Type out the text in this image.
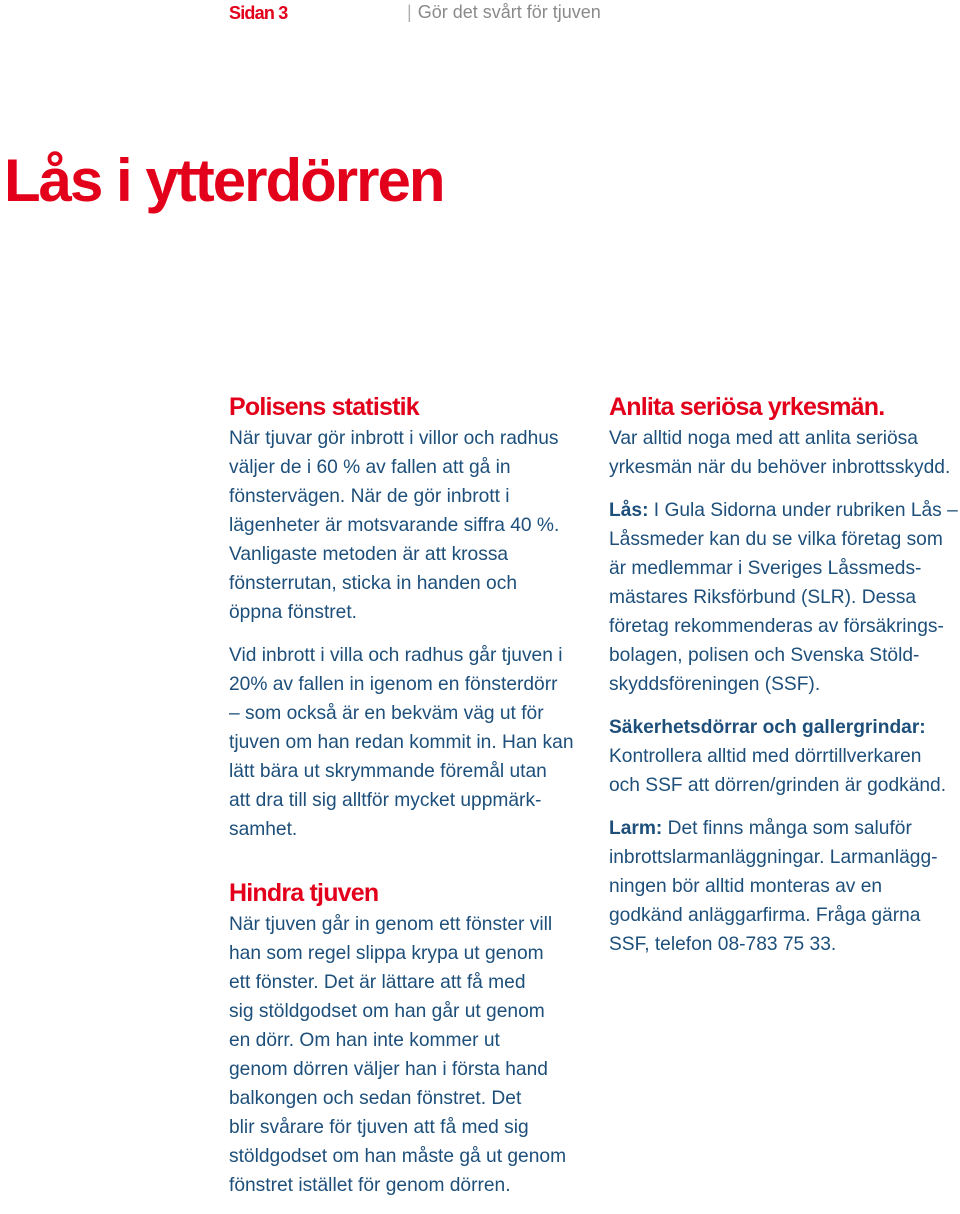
Sidan 3	| Gör det svårt för tjuven
Lås i ytterdörren
Polisens statistik

När tjuvar gör inbrott i villor och radhus
väljer de i 60 % av fallen att gå in
fönstervägen. När de gör inbrott i
lägenheter är motsvarande siffra 40 %.
Vanligaste metoden är att krossa
fönsterrutan, sticka in handen och
öppna fönstret.

Vid inbrott i villa och radhus går tjuven i
20% av fallen in igenom en fönsterdörr
– som också är en bekväm väg ut för
tjuven om han redan kommit in. Han kan
lätt bära ut skrymmande föremål utan
att dra till sig alltför mycket uppmärk-
samhet.

Hindra tjuven

När tjuven går in genom ett fönster vill
han som regel slippa krypa ut genom
ett fönster. Det är lättare att få med
sig stöldgodset om han går ut genom
en dörr. Om han inte kommer ut
genom dörren väljer han i första hand
balkongen och sedan fönstret. Det
blir svårare för tjuven att få med sig
stöldgodset om han måste gå ut genom
fönstret istället för genom dörren.

Anlita seriösa yrkesmän.

Var alltid noga med att anlita seriösa
yrkesmän när du behöver inbrottsskydd.

Lås: I Gula Sidorna under rubriken Lås –
Låssmeder kan du se vilka företag som
är medlemmar i Sveriges Låssmeds-
mästares Riksförbund (SLR). Dessa
företag rekommenderas av försäkrings-
bolagen, polisen och Svenska Stöld-
skyddsföreningen (SSF).

Säkerhetsdörrar och gallergrindar:
Kontrollera alltid med dörrtillverkaren
och SSF att dörren/grinden är godkänd.

Larm: Det finns många som saluför
inbrottslarmanläggningar. Larmanlägg-
ningen bör alltid monteras av en
godkänd anläggarfirma. Fråga gärna
SSF, telefon 08-783 75 33.
